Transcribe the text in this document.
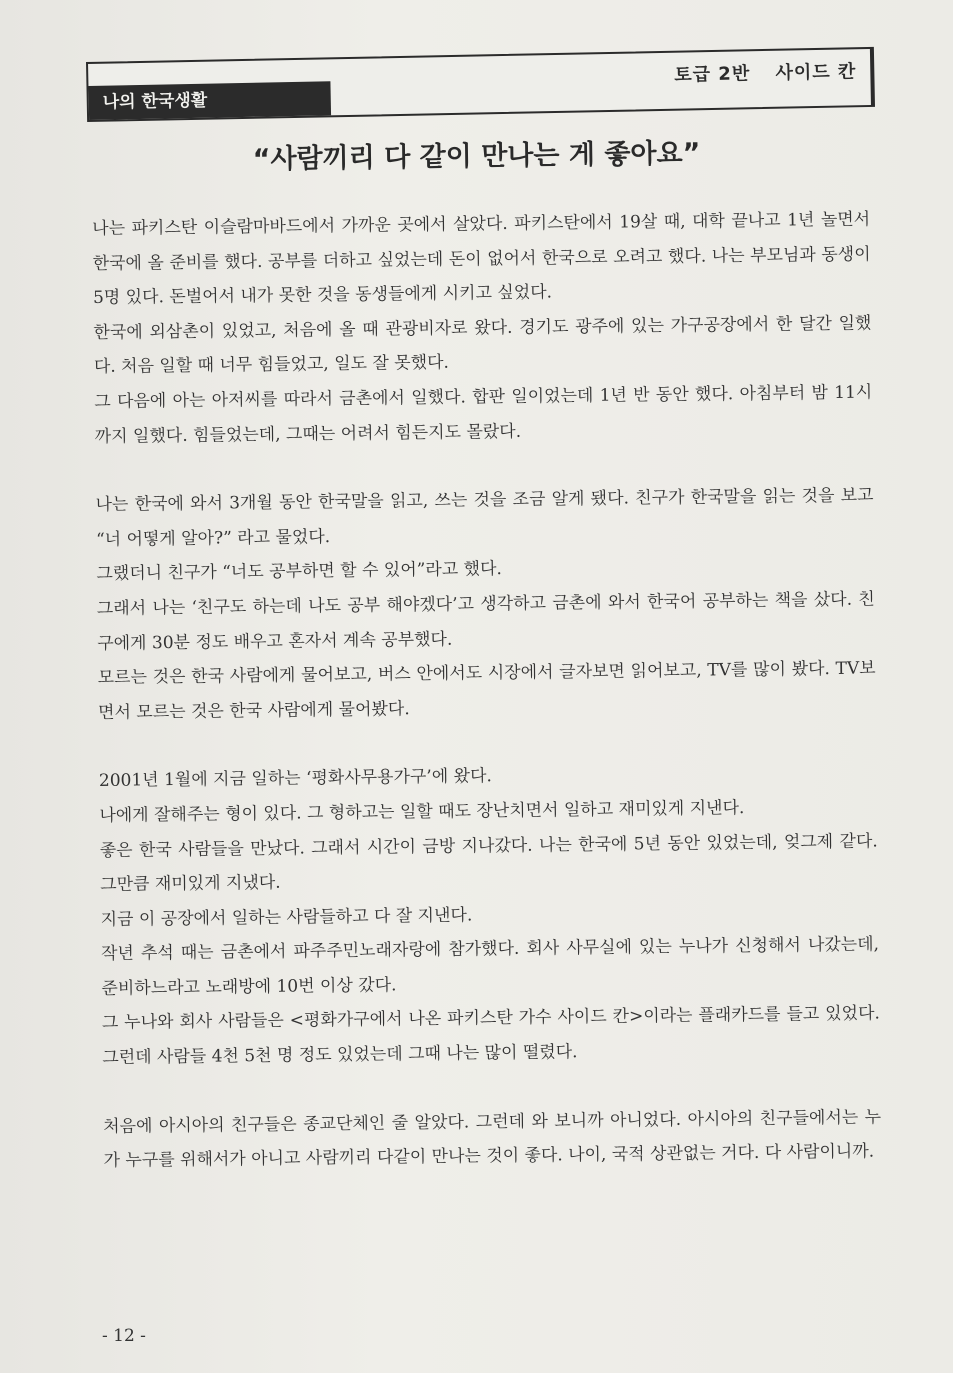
나의 한국생활
토급 2반 사이드 칸
“사람끼리 다 같이 만나는 게 좋아요”

나는 파키스탄 이슬람마바드에서 가까운 곳에서 살았다. 파키스탄에서 19살 때, 대학 끝나고 1년 놀면서 한국에 올 준비를 했다. 공부를 더하고 싶었는데 돈이 없어서 한국으로 오려고 했다. 나는 부모님과 동생이 5명 있다. 돈벌어서 내가 못한 것을 동생들에게 시키고 싶었다.

한국에 외삼촌이 있었고, 처음에 올 때 관광비자로 왔다. 경기도 광주에 있는 가구공장에서 한 달간 일했다. 처음 일할 때 너무 힘들었고, 일도 잘 못했다.

그 다음에 아는 아저씨를 따라서 금촌에서 일했다. 합판 일이었는데 1년 반 동안 했다. 아침부터 밤 11시까지 일했다. 힘들었는데, 그때는 어려서 힘든지도 몰랐다.

나는 한국에 와서 3개월 동안 한국말을 읽고, 쓰는 것을 조금 알게 됐다. 친구가 한국말을 읽는 것을 보고 “너 어떻게 알아?” 라고 물었다.

그랬더니 친구가 “너도 공부하면 할 수 있어”라고 했다.

그래서 나는 ‘친구도 하는데 나도 공부 해야겠다’고 생각하고 금촌에 와서 한국어 공부하는 책을 샀다. 친구에게 30분 정도 배우고 혼자서 계속 공부했다.

모르는 것은 한국 사람에게 물어보고, 버스 안에서도 시장에서 글자보면 읽어보고, TV를 많이 봤다. TV보면서 모르는 것은 한국 사람에게 물어봤다.

2001년 1월에 지금 일하는 ‘평화사무용가구’에 왔다.

나에게 잘해주는 형이 있다. 그 형하고는 일할 때도 장난치면서 일하고 재미있게 지낸다.

좋은 한국 사람들을 만났다. 그래서 시간이 금방 지나갔다. 나는 한국에 5년 동안 있었는데, 엊그제 같다. 그만큼 재미있게 지냈다.

지금 이 공장에서 일하는 사람들하고 다 잘 지낸다.

작년 추석 때는 금촌에서 파주주민노래자랑에 참가했다. 회사 사무실에 있는 누나가 신청해서 나갔는데, 준비하느라고 노래방에 10번 이상 갔다.

그 누나와 회사 사람들은 <평화가구에서 나온 파키스탄 가수 사이드 칸>이라는 플래카드를 들고 있었다. 그런데 사람들 4천 5천 명 정도 있었는데 그때 나는 많이 떨렸다.

처음에 아시아의 친구들은 종교단체인 줄 알았다. 그런데 와 보니까 아니었다. 아시아의 친구들에서는 누가 누구를 위해서가 아니고 사람끼리 다같이 만나는 것이 좋다. 나이, 국적 상관없는 거다. 다 사람이니까.

- 12 -
